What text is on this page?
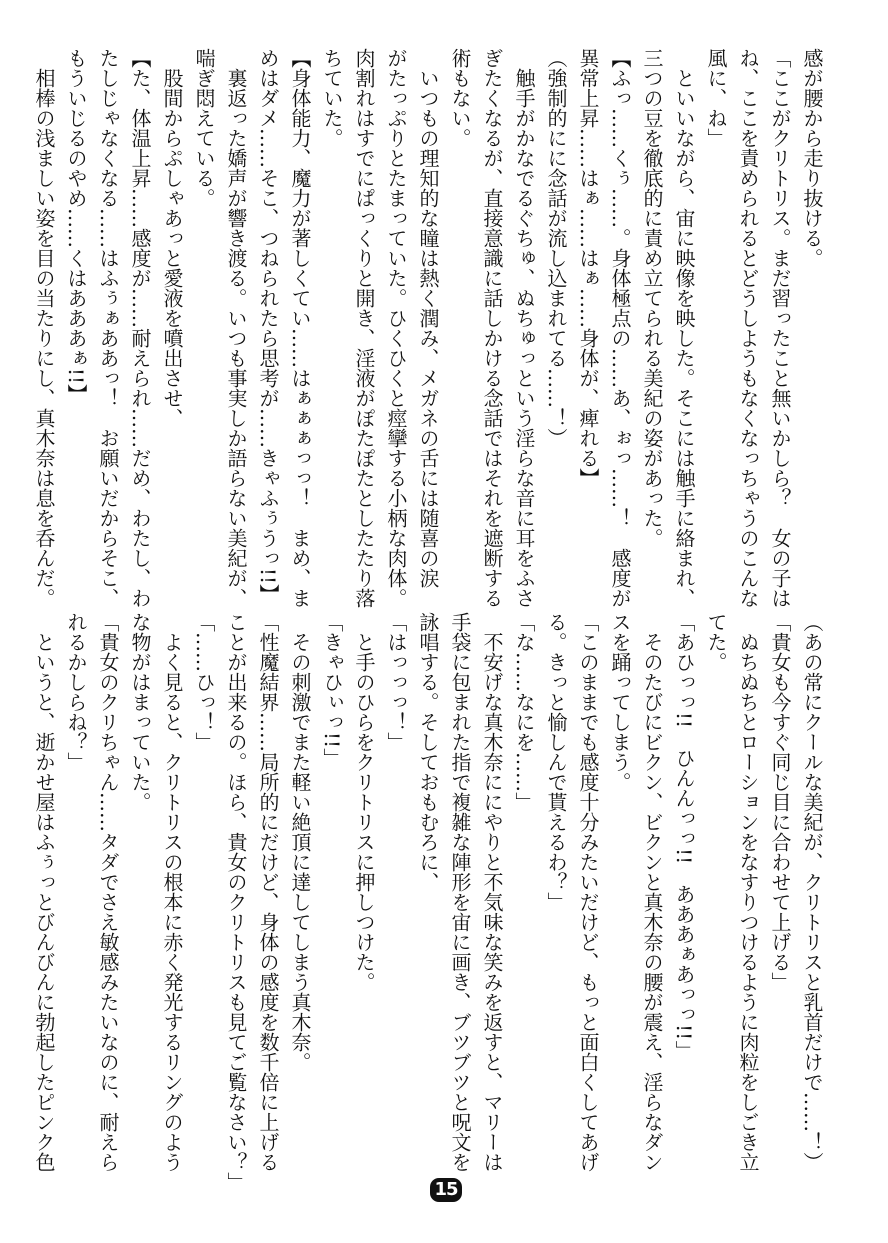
感が腰から走り抜ける。
「ここがクリトリス。まだ習ったこと無いかしら？　女の子は
ね、ここを責められるとどうしようもなくなっちゃうのこんな
風に、ね」
　といいながら、宙に映像を映した。そこには触手に絡まれ、
三つの豆を徹底的に責め立てられる美紀の姿があった。
【ふっ……くぅ……。身体極点の……あ、ぉっ……！　感度が
異常上昇……はぁ……はぁ……身体が、痺れる】
（強制的にに念話が流し込まれてる……！）
　触手がかなでるぐちゅ、ぬちゅっという淫らな音に耳をふさ
ぎたくなるが、直接意識に話しかける念話ではそれを遮断する
術もない。
　いつもの理知的な瞳は熱く潤み、メガネの舌には随喜の涙
がたっぷりとたまっていた。ひくひくと痙攣する小柄な肉体。
肉割れはすでにぱっくりと開き、淫液がぽたぽたとしたたり落
ちていた。
【身体能力、魔力が著しくてい……はぁぁぁっっ！　まめ、ま
めはダメ……そこ、つねられたら思考が……きゃふぅうっ!!】
　裏返った嬌声が響き渡る。いつも事実しか語らない美紀が、
喘ぎ悶えている。
　股間からぷしゃあっと愛液を噴出させ、
【た、体温上昇……感度が……耐えられ……だめ、わたし、わ
たしじゃなくなる……はふぅぁああっ！　お願いだからそこ、
もういじるのやめ……くはあああぁ!!】
　相棒の浅ましい姿を目の当たりにし、真木奈は息を呑んだ。
（あの常にクールな美紀が、クリトリスと乳首だけで……！）
「貴女も今すぐ同じ目に合わせて上げる」
　ぬちぬちとローションをなすりつけるように肉粒をしごき立
てた。
「あひっっ!!　ひんんっっ!!　あああぁあっっ!!」
　そのたびにビクン、ビクンと真木奈の腰が震え、淫らなダン
スを踊ってしまう。
「このままでも感度十分みたいだけど、もっと面白くしてあげ
る。きっと愉しんで貰えるわ？」
「な……なにを……」
　不安げな真木奈ににやりと不気味な笑みを返すと、マリーは
手袋に包まれた指で複雑な陣形を宙に画き、ブツブツと呪文を
詠唱する。そしておもむろに、
「はっっっ！」
　と手のひらをクリトリスに押しつけた。
「きゃひぃっ!!」
　その刺激でまた軽い絶頂に達してしまう真木奈。
「性魔結界……局所的にだけど、身体の感度を数千倍に上げる
ことが出来るの。ほら、貴女のクリトリスも見てご覧なさい？」
「……ひっ！」
　よく見ると、クリトリスの根本に赤く発光するリングのよう
な物がはまっていた。
「貴女のクリちゃん……タダでさえ敏感みたいなのに、耐えら
れるかしらね？」
　というと、逝かせ屋はふぅっとびんびんに勃起したピンク色
15
